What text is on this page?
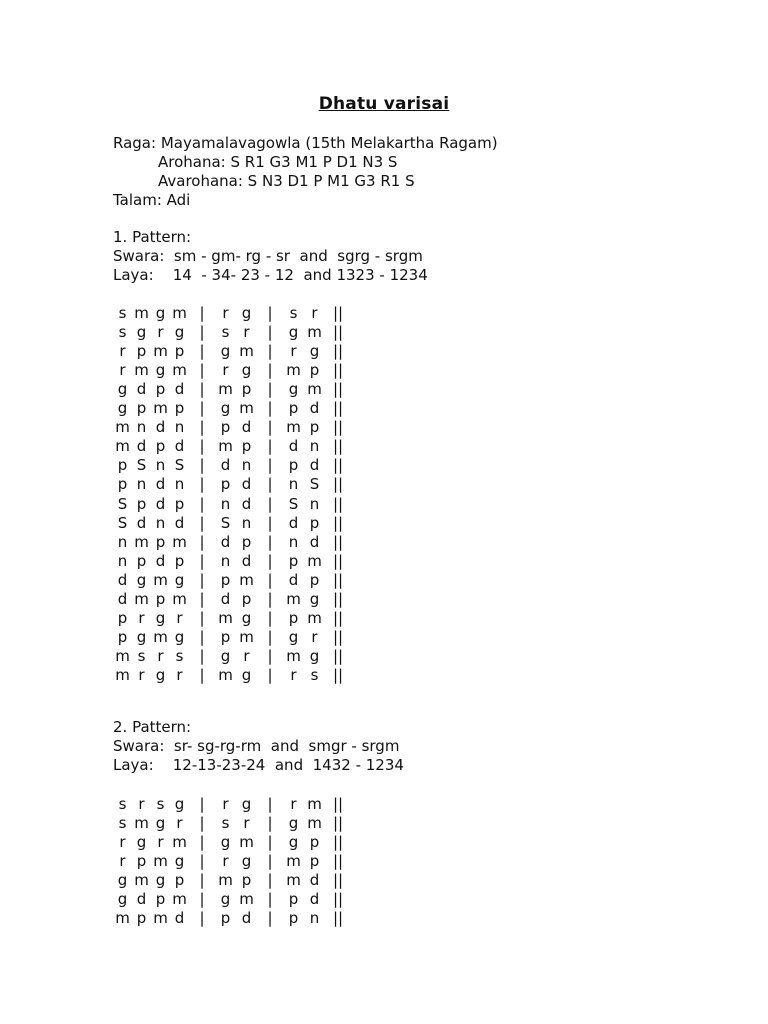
Dhatu varisai
Raga: Mayamalavagowla (15th Melakartha Ragam)
Arohana: S R1 G3 M1 P D1 N3 S
Avarohana: S N3 D1 P M1 G3 R1 S
Talam: Adi
1. Pattern:
Swara:  sm - gm- rg - sr  and  sgrg - srgm
Laya:    14  - 34- 23 - 12  and 1323 - 1234
s m g m | r g | s r ||
s g r g | s r | g m ||
r p m p | g m | r g ||
r m g m | r g | m p ||
g d p d | m p | g m ||
g p m p | g m | p d ||
m n d n | p d | m p ||
m d p d | m p | d n ||
p S n S | d n | p d ||
p n d n | p d | n S ||
S p d p | n d | S n ||
S d n d | S n | d p ||
n m p m | d p | n d ||
n p d p | n d | p m ||
d g m g | p m | d p ||
d m p m | d p | m g ||
p r g r | m g | p m ||
p g m g | p m | g r ||
m s r s | g r | m g ||
m r g r | m g | r s ||
2. Pattern:
Swara:  sr- sg-rg-rm  and  smgr - srgm
Laya:    12-13-23-24  and  1432 - 1234
s r s g | r g | r m ||
s m g r | s r | g m ||
r g r m | g m | g p ||
r p m g | r g | m p ||
g m g p | m p | m d ||
g d p m | g m | p d ||
m p m d | p d | p n ||
